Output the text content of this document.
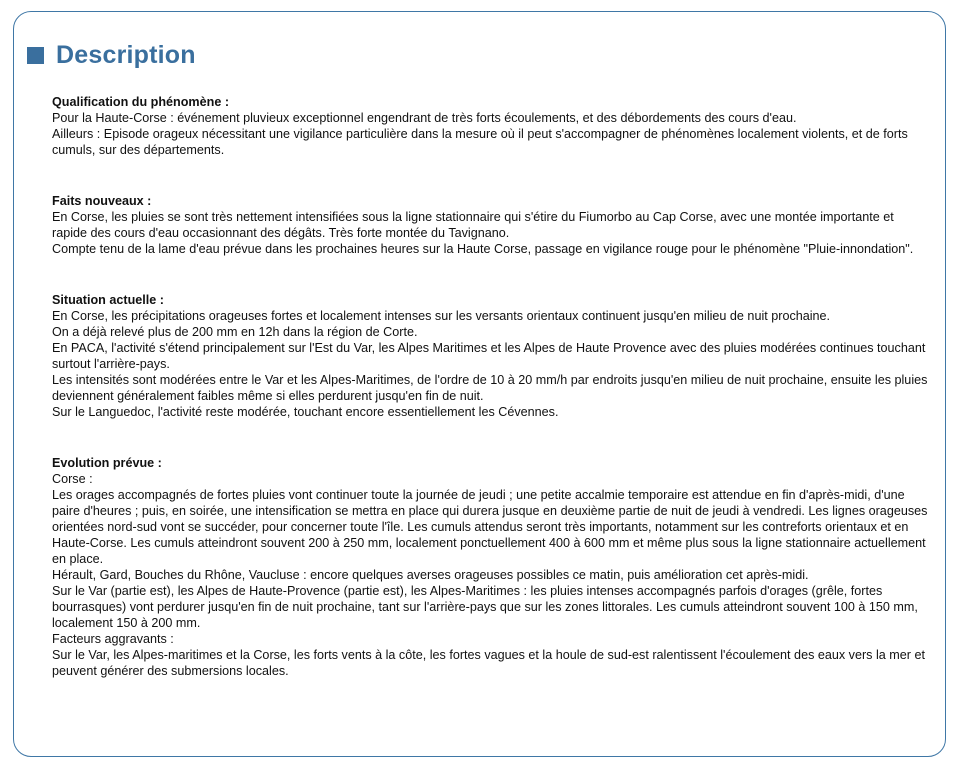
Description
Qualification du phénomène :
Pour la Haute-Corse : événement pluvieux exceptionnel engendrant de très forts écoulements, et des débordements des cours d'eau.
Ailleurs : Episode orageux nécessitant une vigilance particulière dans la mesure où il peut s'accompagner de phénomènes localement violents, et de forts cumuls, sur des départements.
Faits nouveaux :
En Corse, les pluies se sont très nettement intensifiées sous la ligne stationnaire qui s'étire du Fiumorbo au Cap Corse, avec une montée importante et rapide des cours d'eau occasionnant des dégâts. Très forte montée du Tavignano.
Compte tenu de la lame d'eau prévue dans les prochaines heures sur la Haute Corse, passage en vigilance rouge pour le phénomène "Pluie-innondation".
Situation actuelle :
En Corse, les précipitations orageuses fortes et localement intenses sur les versants orientaux continuent jusqu'en milieu de nuit prochaine.
On a déjà relevé plus de 200 mm en 12h dans la région de Corte.
En PACA, l'activité s'étend principalement sur l'Est du Var, les Alpes Maritimes et les Alpes de Haute Provence avec des pluies modérées continues touchant surtout l'arrière-pays.
Les intensités sont modérées entre le Var et les Alpes-Maritimes, de l'ordre de 10 à 20 mm/h par endroits jusqu'en milieu de nuit prochaine, ensuite les pluies deviennent généralement faibles même si elles perdurent jusqu'en fin de nuit.
Sur le Languedoc, l'activité reste modérée, touchant encore essentiellement les Cévennes.
Evolution prévue :
Corse :
Les orages accompagnés de fortes pluies vont continuer toute la journée de jeudi ; une petite accalmie temporaire est attendue en fin d'après-midi, d'une paire d'heures ; puis, en soirée, une intensification se mettra en place qui durera jusque en deuxième partie de nuit de jeudi à vendredi. Les lignes orageuses orientées nord-sud vont se succéder, pour concerner toute l'île. Les cumuls attendus seront très importants, notamment sur les contreforts orientaux et en Haute-Corse. Les cumuls atteindront souvent 200 à 250 mm, localement ponctuellement 400 à 600 mm et même plus sous la ligne stationnaire actuellement en place.
Hérault, Gard, Bouches du Rhône, Vaucluse : encore quelques averses orageuses possibles ce matin, puis amélioration cet après-midi.
Sur le Var (partie est), les Alpes de Haute-Provence (partie est), les Alpes-Maritimes : les pluies intenses accompagnés parfois d'orages (grêle, fortes bourrasques) vont perdurer jusqu'en fin de nuit prochaine, tant sur l'arrière-pays que sur les zones littorales. Les cumuls atteindront souvent 100 à 150 mm, localement 150 à 200 mm.
Facteurs aggravants :
Sur le Var, les Alpes-maritimes et la Corse, les forts vents à la côte, les fortes vagues et la houle de sud-est ralentissent l'écoulement des eaux vers la mer et peuvent générer des submersions locales.
